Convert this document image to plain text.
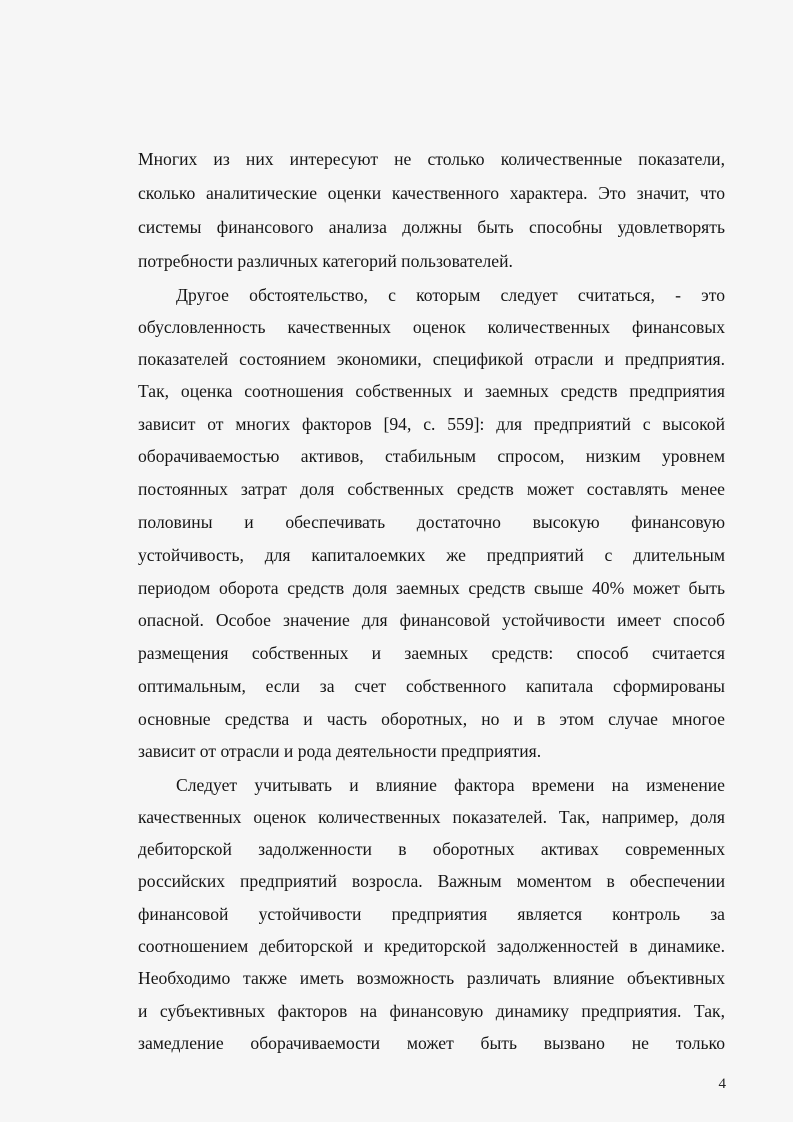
Многих из них интересуют не столько количественные показатели,
сколько аналитические оценки качественного характера. Это значит, что
системы финансового анализа должны быть способны удовлетворять
потребности различных категорий пользователей.
Другое обстоятельство, с которым следует считаться, - это
обусловленность качественных оценок количественных финансовых
показателей состоянием экономики, спецификой отрасли и предприятия.
Так, оценка соотношения собственных и заемных средств предприятия
зависит от многих факторов [94, с. 559]: для предприятий с высокой
оборачиваемостью активов, стабильным спросом, низким уровнем
постоянных затрат доля собственных средств может составлять менее
половины и обеспечивать достаточно высокую финансовую
устойчивость, для капиталоемких же предприятий с длительным
периодом оборота средств доля заемных средств свыше 40% может быть
опасной. Особое значение для финансовой устойчивости имеет способ
размещения собственных и заемных средств: способ считается
оптимальным, если за счет собственного капитала сформированы
основные средства и часть оборотных, но и в этом случае многое
зависит от отрасли и рода деятельности предприятия.
Следует учитывать и влияние фактора времени на изменение
качественных оценок количественных показателей. Так, например, доля
дебиторской задолженности в оборотных активах современных
российских предприятий возросла. Важным моментом в обеспечении
финансовой устойчивости предприятия является контроль за
соотношением дебиторской и кредиторской задолженностей в динамике.
Необходимо также иметь возможность различать влияние объективных
и субъективных факторов на финансовую динамику предприятия. Так,
замедление оборачиваемости может быть вызвано не только
4
